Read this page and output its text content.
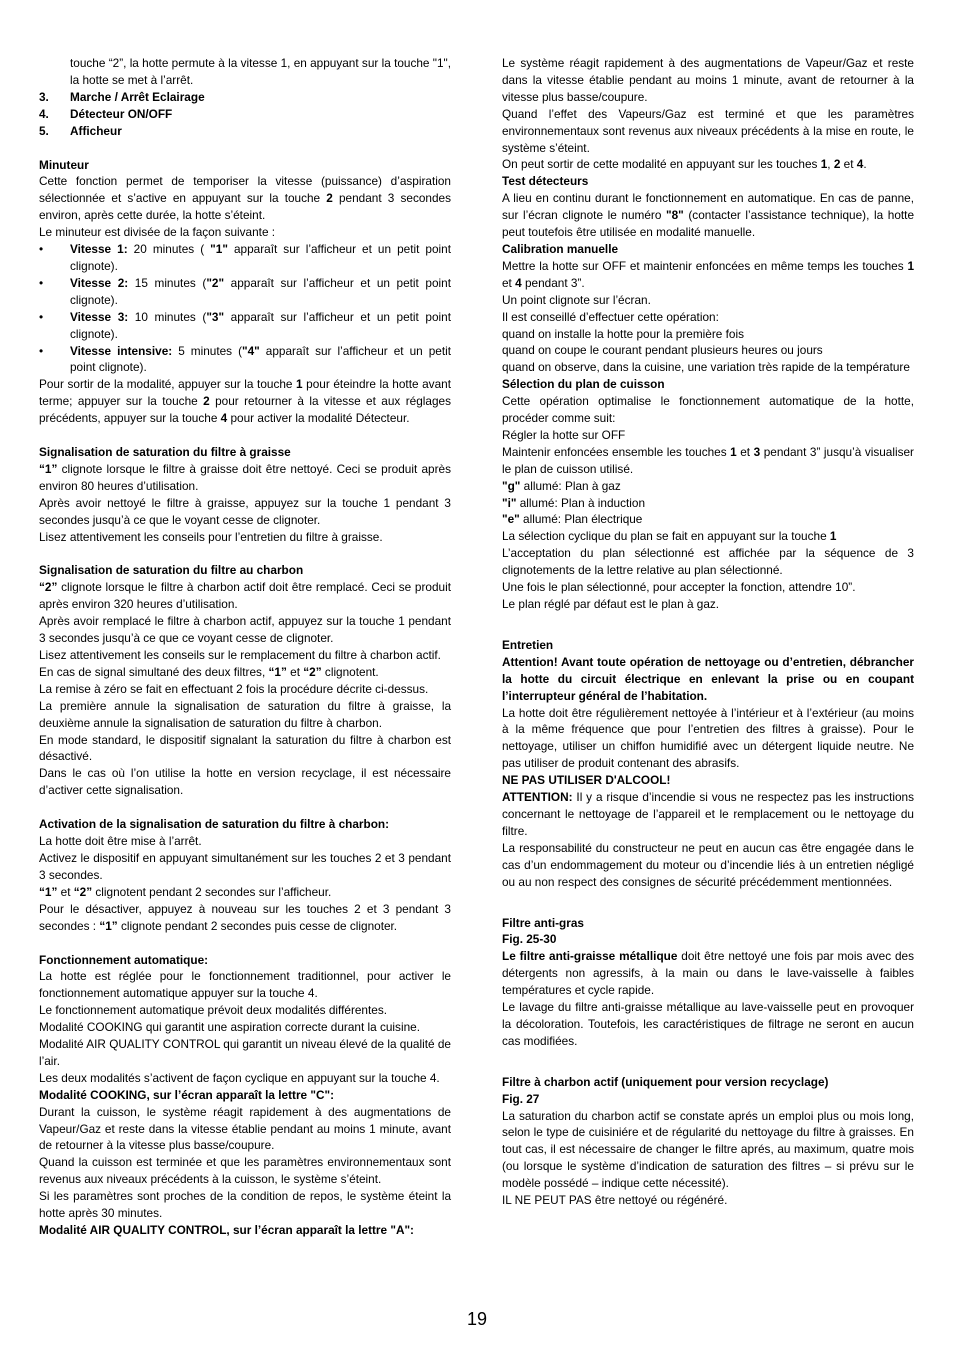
touche “2”, la hotte permute à la vitesse 1, en appuyant sur la touche "1", la hotte se met à l’arrêt.

3.	Marche / Arrêt Eclairage
4.	Détecteur ON/OFF
5.	Afficheur

Minuteur

Cette fonction permet de temporiser la vitesse (puissance) d’aspiration sélectionnée et s’active en appuyant sur la touche 2 pendant 3 secondes environ, après cette durée, la hotte s’éteint.

Le minuteur est divisée de la façon suivante :

•	Vitesse 1: 20 minutes ( "1" apparaît sur l’afficheur et un petit point clignote).
•	Vitesse 2: 15 minutes ("2" apparaît sur l’afficheur et un petit point clignote).
•	Vitesse 3: 10 minutes ("3" apparaît sur l’afficheur et un petit point clignote).
•	Vitesse intensive: 5 minutes ("4" apparaît sur l’afficheur et un petit point clignote).

Pour sortir de la modalité, appuyer sur la touche 1 pour éteindre la hotte avant terme; appuyer sur la touche 2 pour retourner à la vitesse et aux réglages précédents, appuyer sur la touche 4 pour activer la modalité Détecteur.

Signalisation de saturation du filtre à graisse

“1” clignote lorsque le filtre à graisse doit être nettoyé. Ceci se produit après environ 80 heures d’utilisation.

Après avoir nettoyé le filtre à graisse, appuyez sur la touche 1 pendant 3 secondes jusqu’à ce que le voyant cesse de clignoter.

Lisez attentivement les conseils pour l’entretien du filtre à graisse.

Signalisation de saturation du filtre au charbon

“2” clignote lorsque le filtre à charbon actif doit être remplacé. Ceci se produit après environ 320 heures d’utilisation.

Après avoir remplacé le filtre à charbon actif, appuyez sur la touche 1 pendant 3 secondes jusqu’à ce que ce voyant cesse de clignoter.

Lisez attentivement les conseils sur le remplacement du filtre à charbon actif.

En cas de signal simultané des deux filtres, “1” et “2” clignotent.

La remise à zéro se fait en effectuant 2 fois la procédure décrite ci-dessus.

La première annule la signalisation de saturation du filtre à graisse, la deuxième annule la signalisation de saturation du filtre à charbon.

En mode standard, le dispositif signalant la saturation du filtre à charbon est désactivé.

Dans le cas où l’on utilise la hotte en version recyclage, il est nécessaire d’activer cette signalisation.

Activation de la signalisation de saturation du filtre à charbon:

La hotte doit être mise à l’arrêt.

Activez le dispositif en appuyant simultanément sur les touches 2 et 3 pendant 3 secondes.

“1” et “2” clignotent pendant 2 secondes sur l’afficheur.

Pour le désactiver, appuyez à nouveau sur les touches 2 et 3 pendant 3 secondes : “1” clignote pendant 2 secondes puis cesse de clignoter.

Fonctionnement automatique:

La hotte est réglée pour le fonctionnement traditionnel, pour activer le fonctionnement automatique appuyer sur la touche 4.

Le fonctionnement automatique prévoit deux modalités différentes.

Modalité COOKING qui garantit une aspiration correcte durant la cuisine.

Modalité AIR QUALITY CONTROL qui garantit un niveau élevé de la qualité de l’air.

Les deux modalités s’activent de façon cyclique en appuyant sur la touche 4.

Modalité COOKING, sur l’écran apparaît la lettre "C":

Durant la cuisson, le système réagit rapidement à des augmentations de Vapeur/Gaz et reste dans la vitesse établie pendant au moins 1 minute, avant de retourner à la vitesse plus basse/coupure.

Quand la cuisson est terminée et que les paramètres environnementaux sont revenus aux niveaux précédents à la cuisson, le système s’éteint.

Si les paramètres sont proches de la condition de repos, le système éteint la hotte après 30 minutes.

Modalité AIR QUALITY CONTROL, sur l’écran apparaît la lettre "A":

Le système réagit rapidement à des augmentations de Vapeur/Gaz et reste dans la vitesse établie pendant au moins 1 minute, avant de retourner à la vitesse plus basse/coupure.

Quand l’effet des Vapeurs/Gaz est terminé et que les paramètres environnementaux sont revenus aux niveaux précédents à la mise en route, le système s’éteint.

On peut sortir de cette modalité en appuyant sur les touches 1, 2 et 4.

Test détecteurs

A lieu en continu durant le fonctionnement en automatique. En cas de panne, sur l’écran clignote le numéro "8" (contacter l’assistance technique), la hotte peut toutefois être utilisée en modalité manuelle.

Calibration manuelle

Mettre la hotte sur OFF et maintenir enfoncées en même temps les touches 1 et 4 pendant 3”.

Un point clignote sur l’écran.

Il est conseillé d’effectuer cette opération:

quand on installe la hotte pour la première fois

quand on coupe le courant pendant plusieurs heures ou jours

quand on observe, dans la cuisine, une variation très rapide de la température

Sélection du plan de cuisson

Cette opération optimalise le fonctionnement automatique de la hotte, procéder comme suit:

Régler la hotte sur OFF

Maintenir enfoncées ensemble les touches 1 et 3 pendant 3” jusqu’à visualiser le plan de cuisson utilisé.

"g" allumé: Plan à gaz

"i" allumé: Plan à induction

"e" allumé: Plan électrique

La sélection cyclique du plan se fait en appuyant sur la touche 1

L’acceptation du plan sélectionné est affichée par la séquence de 3 clignotements de la lettre relative au plan sélectionné.

Une fois le plan sélectionné, pour accepter la fonction, attendre 10”.

Le plan réglé par défaut est le plan à gaz.

Entretien

Attention! Avant toute opération de nettoyage ou d’entretien, débrancher la hotte du circuit électrique en enlevant la prise ou en coupant l’interrupteur général de l’habitation.

La hotte doit être régulièrement nettoyée à l’intérieur et à l’extérieur (au moins à la même fréquence que pour l’entretien des filtres à graisse). Pour le nettoyage, utiliser un chiffon humidifié avec un détergent liquide neutre. Ne pas utiliser de produit contenant des abrasifs.

NE PAS UTILISER D'ALCOOL!

ATTENTION: Il y a risque d’incendie si vous ne respectez pas les instructions concernant le nettoyage de l’appareil et le remplacement ou le nettoyage du filtre.

La responsabilité du constructeur ne peut en aucun cas être engagée dans le cas d’un endommagement du moteur ou d’incendie liés à un entretien négligé ou au non respect des consignes de sécurité précédemment mentionnées.

Filtre anti-gras

Fig. 25-30

Le filtre anti-graisse métallique doit être nettoyé une fois par mois avec des détergents non agressifs, à la main ou dans le lave-vaisselle à faibles températures et cycle rapide.

Le lavage du filtre anti-graisse métallique au lave-vaisselle peut en provoquer la décoloration. Toutefois, les caractéristiques de filtrage ne seront en aucun cas modifiées.

Filtre à charbon actif (uniquement pour version recyclage)

Fig. 27

La saturation du charbon actif se constate aprés un emploi plus ou mois long, selon le type de cuisiniére et de régularité du nettoyage du filtre à graisses. En tout cas, il est nécessaire de changer le filtre aprés, au maximum, quatre mois (ou lorsque le système d’indication de saturation des filtres – si prévu sur le modèle possédé – indique cette nécessité).

IL NE PEUT PAS être nettoyé ou régénéré.

19
